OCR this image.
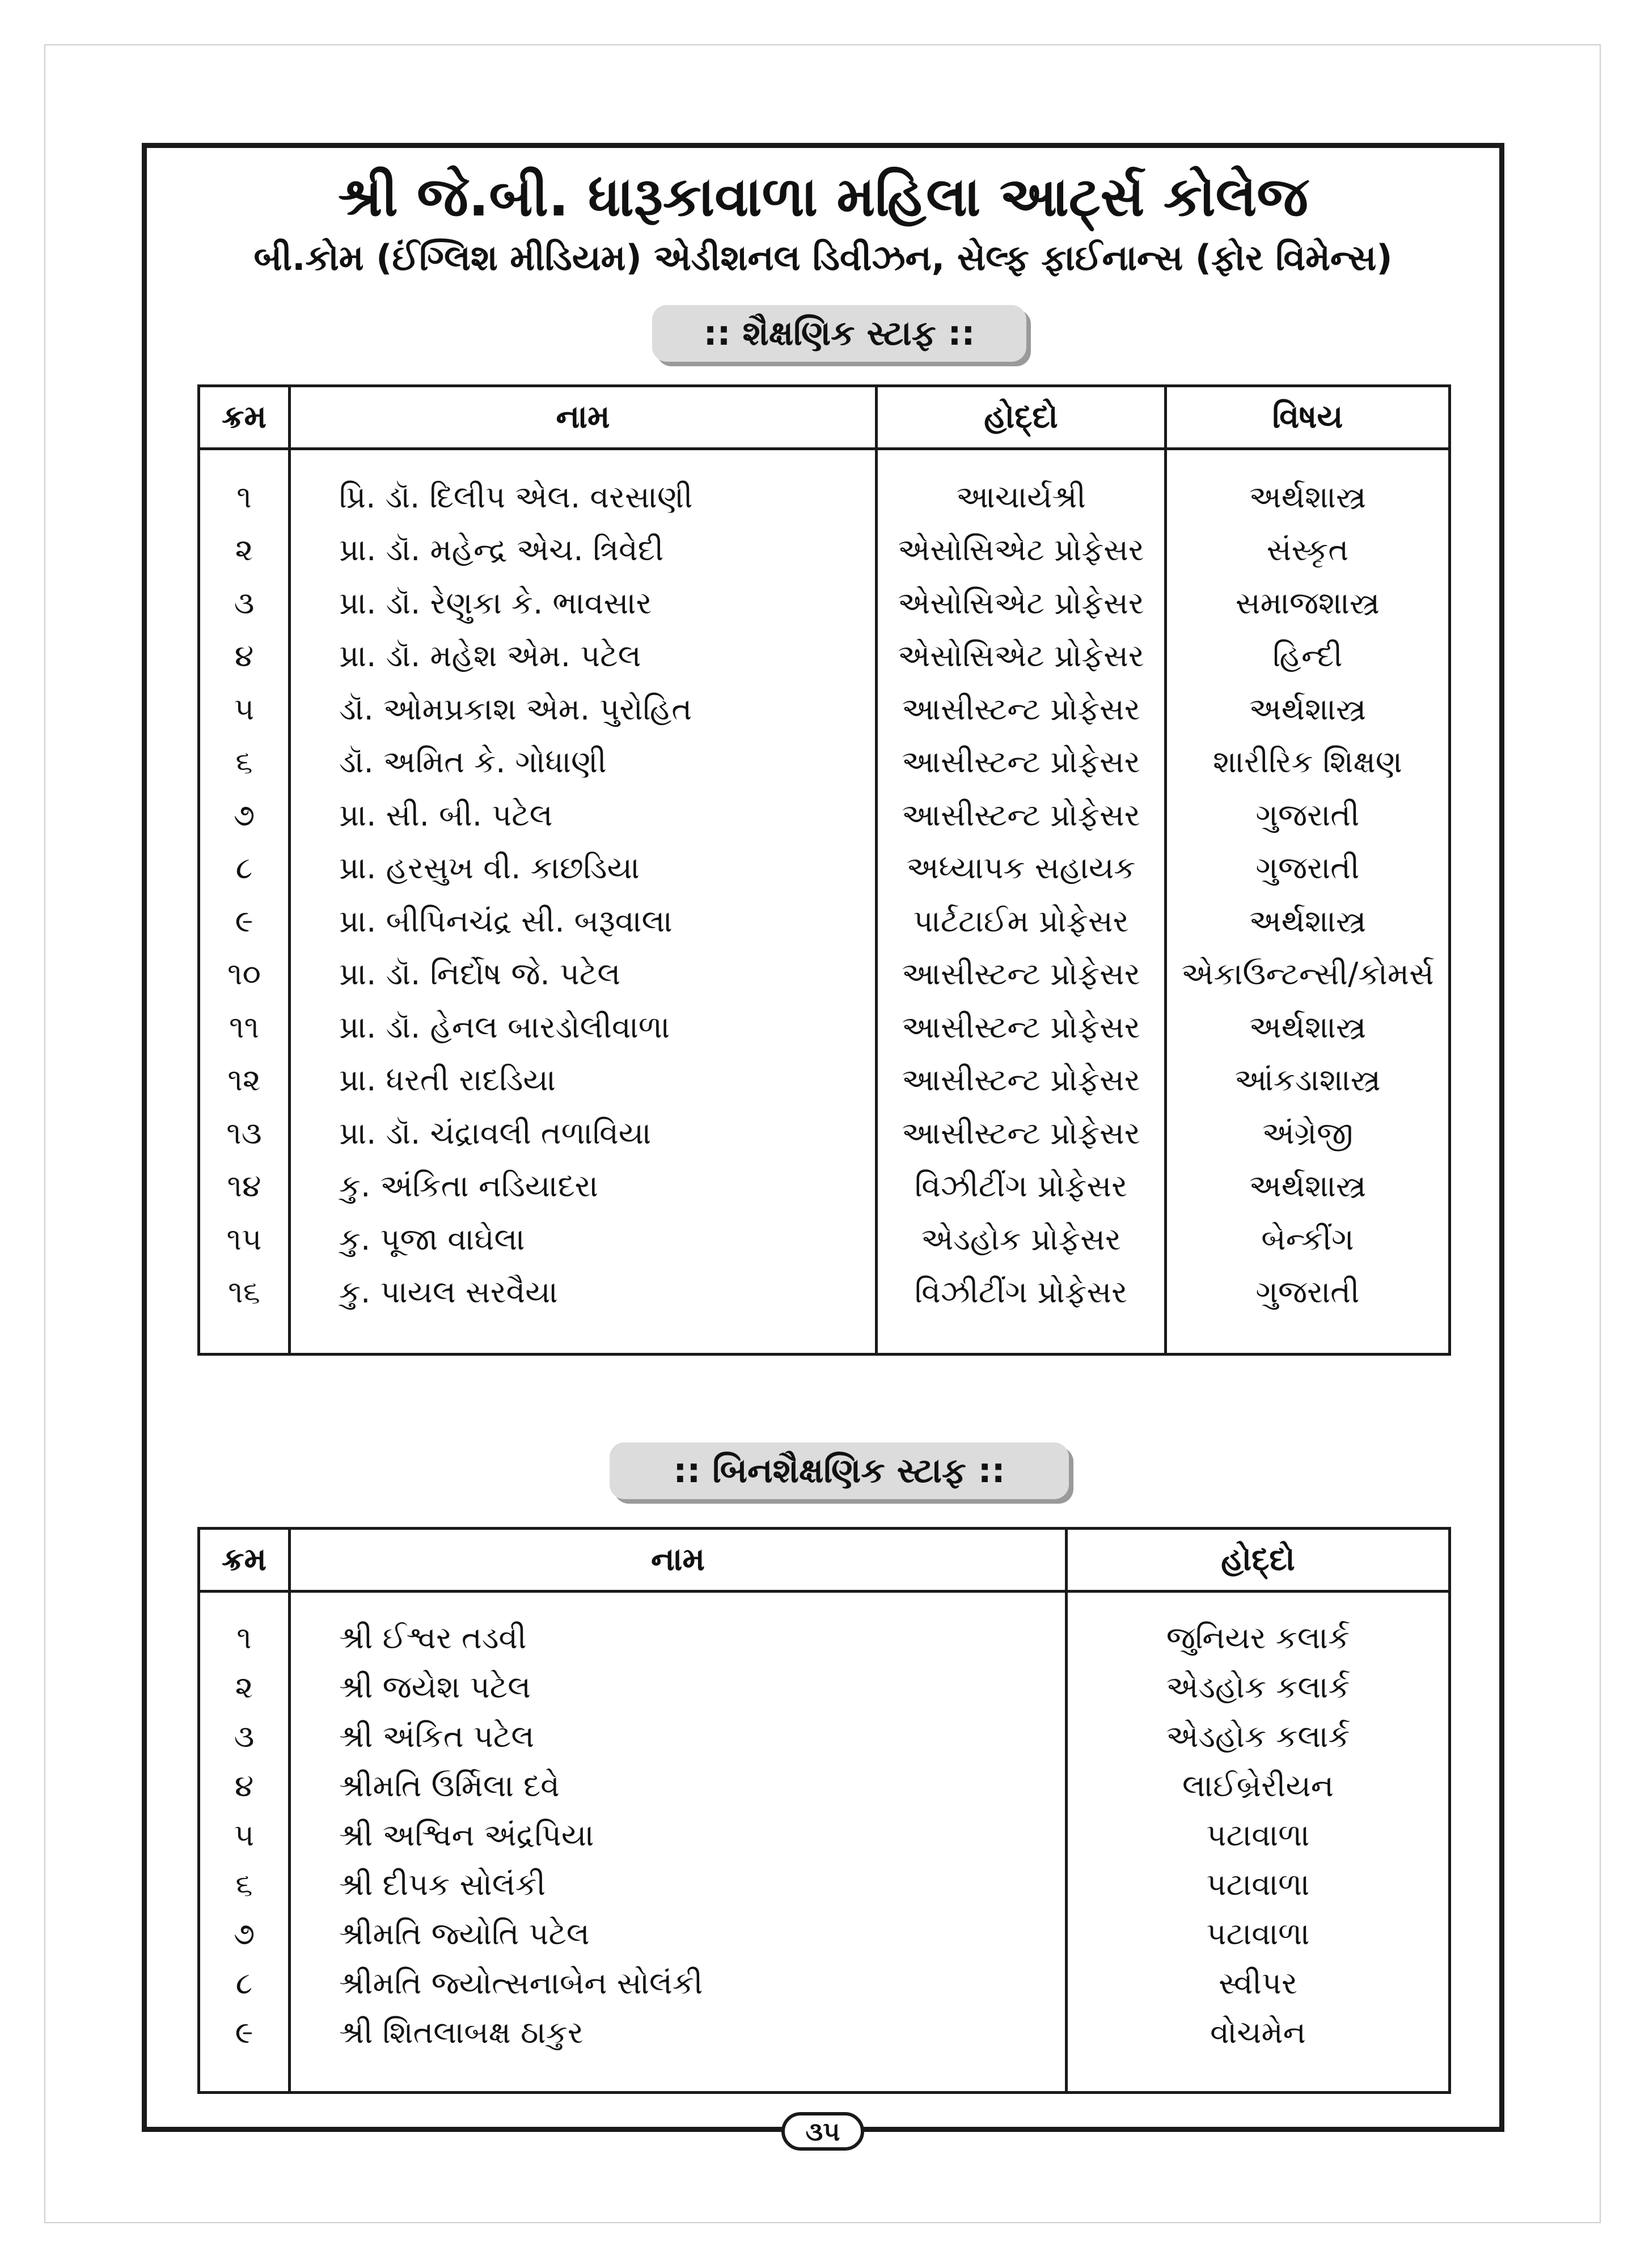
શ્રી જે.બી. ધારૂકાવાળા મહિલા આર્ટ્સ કોલેજ
બી.કોમ (ઈંગ્લિશ મીડિયમ) એડીશનલ ડિવીઝન, સેલ્ફ ફાઈનાન્સ (ફોર વિમેન્સ)
:: શૈક્ષણિક સ્ટાફ ::
ક્રમ	નામ	હોદ્દો	વિષય

૧	પ્રિ. ડૉ. દિલીપ એલ. વરસાણી	આચાર્યશ્રી	અર્થશાસ્ત્ર
૨	પ્રા. ડૉ. મહેન્દ્ર એચ. ત્રિવેદી	એસોસિએટ પ્રોફેસર	સંસ્કૃત
૩	પ્રા. ડૉ. રેણુકા કે. ભાવસાર	એસોસિએટ પ્રોફેસર	સમાજશાસ્ત્ર
૪	પ્રા. ડૉ. મહેશ એમ. પટેલ	એસોસિએટ પ્રોફેસર	હિન્દી
૫	ડૉ. ઓમપ્રકાશ એમ. પુરોહિત	આસીસ્ટન્ટ પ્રોફેસર	અર્થશાસ્ત્ર
૬	ડૉ. અમિત કે. ગોધાણી	આસીસ્ટન્ટ પ્રોફેસર	શારીરિક શિક્ષણ
૭	પ્રા. સી. બી. પટેલ	આસીસ્ટન્ટ પ્રોફેસર	ગુજરાતી
૮	પ્રા. હરસુખ વી. કાછડિયા	અધ્યાપક સહાયક	ગુજરાતી
૯	પ્રા. બીપિનચંદ્ર સી. બરૂવાલા	પાર્ટટાઈમ પ્રોફેસર	અર્થશાસ્ત્ર
૧૦	પ્રા. ડૉ. નિર્દોષ જે. પટેલ	આસીસ્ટન્ટ પ્રોફેસર	એકાઉન્ટન્સી/કોમર્સ
૧૧	પ્રા. ડૉ. હેનલ બારડોલીવાળા	આસીસ્ટન્ટ પ્રોફેસર	અર્થશાસ્ત્ર
૧૨	પ્રા. ધરતી રાદડિયા	આસીસ્ટન્ટ પ્રોફેસર	આંકડાશાસ્ત્ર
૧૩	પ્રા. ડૉ. ચંદ્રાવલી તળાવિયા	આસીસ્ટન્ટ પ્રોફેસર	અંગ્રેજી
૧૪	કુ. અંકિતા નડિયાદરા	વિઝીટીંગ પ્રોફેસર	અર્થશાસ્ત્ર
૧૫	કુ. પૂજા વાઘેલા	એડહોક પ્રોફેસર	બેન્કીંગ
૧૬	કુ. પાયલ સરવૈયા	વિઝીટીંગ પ્રોફેસર	ગુજરાતી

:: બિનશૈક્ષણિક સ્ટાફ ::
ક્રમ	નામ	હોદ્દો

૧	શ્રી ઈશ્વર તડવી	જુનિયર કલાર્ક
૨	શ્રી જયેશ પટેલ	એડહોક કલાર્ક
૩	શ્રી અંકિત પટેલ	એડહોક કલાર્ક
૪	શ્રીમતિ ઉર્મિલા દવે	લાઈબ્રેરીયન
૫	શ્રી અશ્વિન અંદ્રપિયા	પટાવાળા
૬	શ્રી દીપક સોલંકી	પટાવાળા
૭	શ્રીમતિ જ્યોતિ પટેલ	પટાવાળા
૮	શ્રીમતિ જ્યોત્સનાબેન સોલંકી	સ્વીપર
૯	શ્રી શિતલાબક્ષ ઠાકુર	વોચમેન

૩૫
